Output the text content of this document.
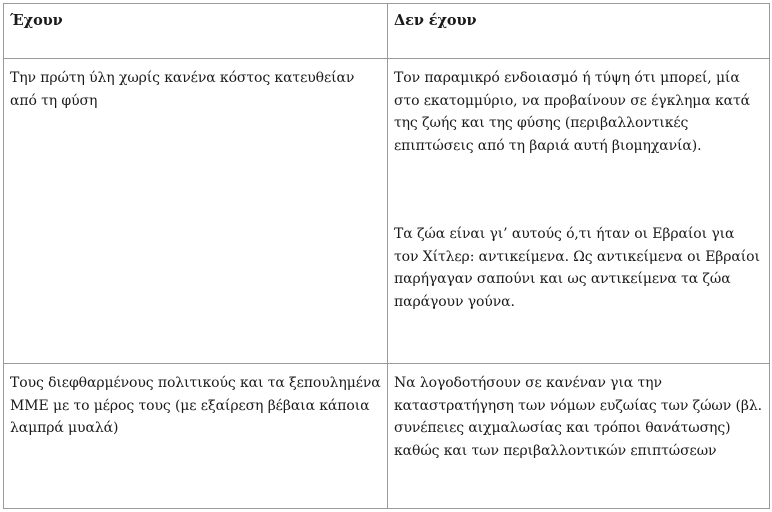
Έχουν	Δεν έχουν

Την πρώτη ύλη χωρίς κανένα κόστος κατευθείαν από τη φύση	Τον παραμικρό ενδοιασμό ή τύψη ότι μπορεί, μία στο εκατομμύριο, να προβαίνουν σε έγκλημα κατά της ζωής και της φύσης (περιβαλλοντικές επιπτώσεις από τη βαριά αυτή βιομηχανία).
Τα ζώα είναι γι’ αυτούς ό,τι ήταν οι Εβραίοι για τον Χίτλερ: αντικείμενα. Ως αντικείμενα οι Εβραίοι παρήγαγαν σαπούνι και ως αντικείμενα τα ζώα παράγουν γούνα.

Τους διεφθαρμένους πολιτικούς και τα ξεπουλημένα ΜΜΕ με το μέρος τους (με εξαίρεση βέβαια κάποια λαμπρά μυαλά)	Να λογοδοτήσουν σε κανέναν για την καταστρατήγηση των νόμων ευζωίας των ζώων (βλ. συνέπειες αιχμαλωσίας και τρόποι θανάτωσης) καθώς και των περιβαλλοντικών επιπτώσεων
